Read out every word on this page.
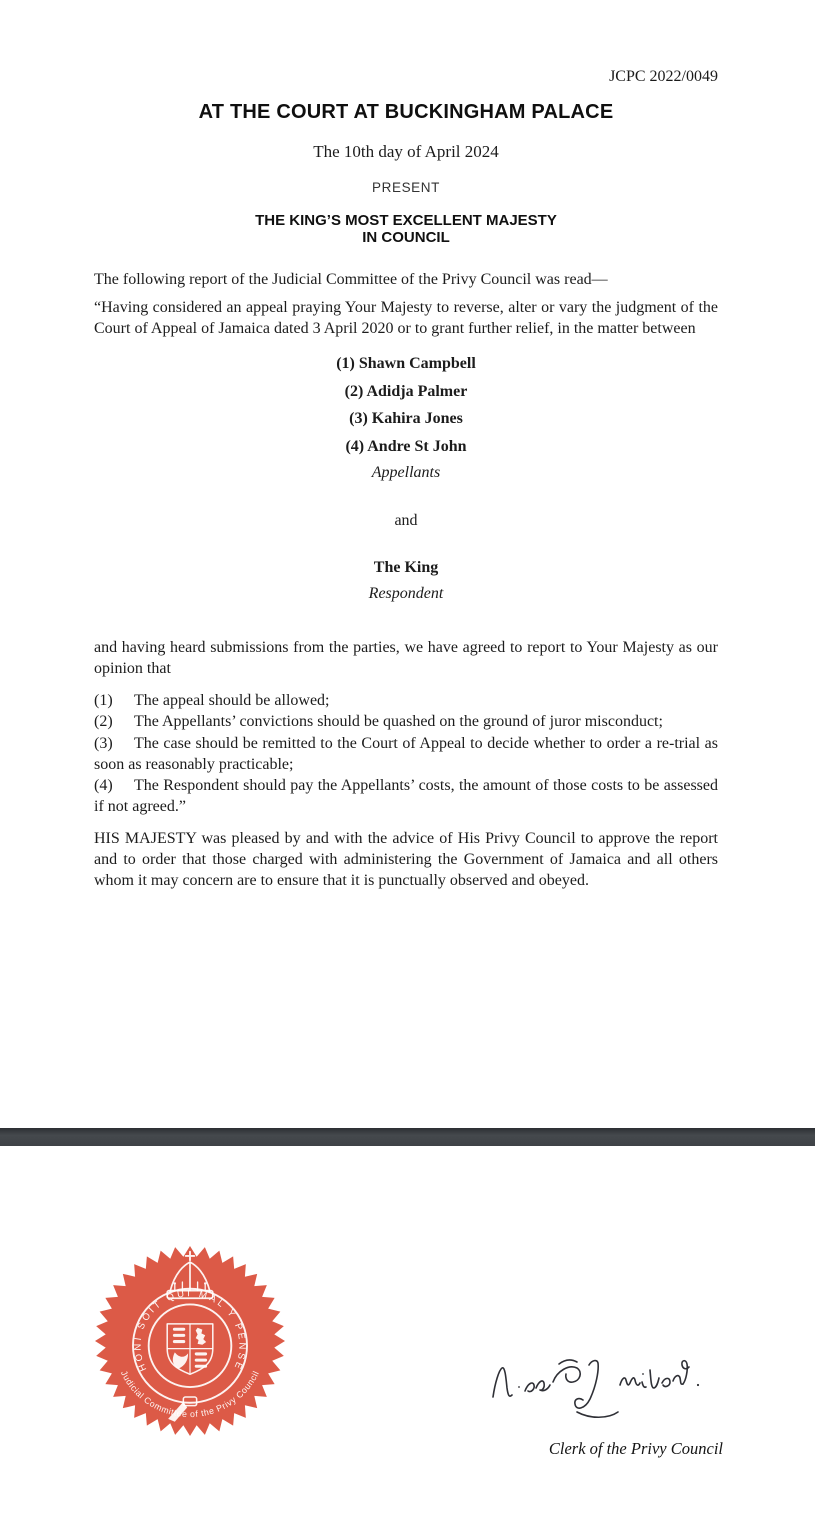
JCPC 2022/0049
AT THE COURT AT BUCKINGHAM PALACE
The 10th day of April 2024
PRESENT
THE KING’S MOST EXCELLENT MAJESTY
IN COUNCIL

The following report of the Judicial Committee of the Privy Council was read—

“Having considered an appeal praying Your Majesty to reverse, alter or vary the judgment of the Court of Appeal of Jamaica dated 3 April 2020 or to grant further relief, in the matter between

(1) Shawn Campbell
(2) Adidja Palmer
(3) Kahira Jones
(4) Andre St John
Appellants
and
The King
Respondent

and having heard submissions from the parties, we have agreed to report to Your Majesty as our opinion that

(1) The appeal should be allowed;

(2) The Appellants’ convictions should be quashed on the ground of juror misconduct;

(3) The case should be remitted to the Court of Appeal to decide whether to order a re-trial as soon as reasonably practicable;

(4) The Respondent should pay the Appellants’ costs, the amount of those costs to be assessed if not agreed.”

HIS MAJESTY was pleased by and with the advice of His Privy Council to approve the report and to order that those charged with administering the Government of Jamaica and all others whom it may concern are to ensure that it is punctually observed and obeyed.

HONI SOIT QUI MAL Y PENSE
Judicial Committee of the Privy Council
Clerk of the Privy Council
